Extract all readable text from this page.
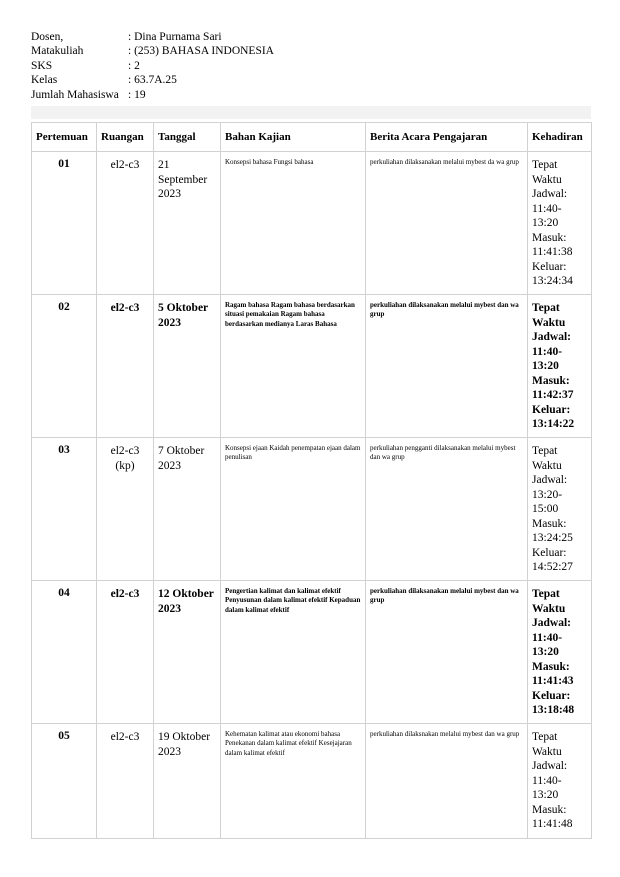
Dosen,	: Dina Purnama Sari
Matakuliah	: (253) BAHASA INDONESIA
SKS	: 2
Kelas	: 63.7A.25
Jumlah Mahasiswa : 19
Pertemuan	Ruangan	Tanggal	Bahan Kajian	Berita Acara Pengajaran	Kehadiran
01	el2-c3	21 September 2023	Konsepsi bahasa Fungsi bahasa	perkuliahan dilaksanakan melalui mybest da wa grup	Tepat Waktu Jadwal: 11:40-13:20 Masuk: 11:41:38 Keluar: 13:24:34
02	el2-c3	5 Oktober 2023	Ragam bahasa Ragam bahasa berdasarkan situasi pemakaian Ragam bahasa berdasarkan medianya Laras Bahasa	perkuliahan dilaksanakan melalui mybest dan wa grup	Tepat Waktu Jadwal: 11:40-13:20 Masuk: 11:42:37 Keluar: 13:14:22
03	el2-c3 (kp)	7 Oktober 2023	Konsepsi ejaan Kaidah penempatan ejaan dalam penulisan	perkuliahan pengganti dilaksanakan melalui mybest dan wa grup	Tepat Waktu Jadwal: 13:20-15:00 Masuk: 13:24:25 Keluar: 14:52:27
04	el2-c3	12 Oktober 2023	Pengertian kalimat dan kalimat efektif Penyusunan dalam kalimat efektif Kepaduan dalam kalimat efektif	perkuliahan dilaksanakan melalui mybest dan wa grup	Tepat Waktu Jadwal: 11:40-13:20 Masuk: 11:41:43 Keluar: 13:18:48
05	el2-c3	19 Oktober 2023	Kehematan kalimat atau ekonomi bahasa Penekanan dalam kalimat efektif Kesejajaran dalam kalimat efektif	perkuliahan dilaksnakan melalui mybest dan wa grup	Tepat Waktu Jadwal: 11:40-13:20 Masuk: 11:41:48
